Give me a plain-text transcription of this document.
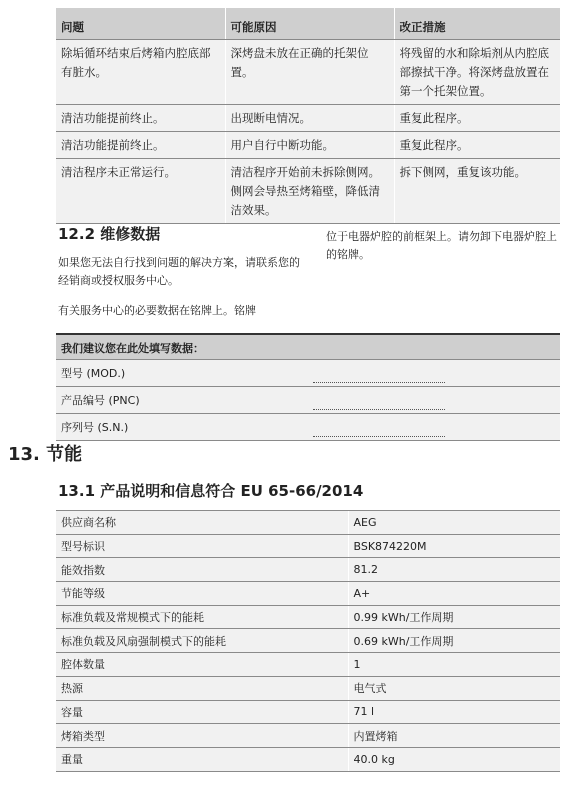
问题	可能原因	改正措施
除垢循环结束后烤箱内腔底部有脏水。	深烤盘未放在正确的托架位置。	将残留的水和除垢剂从内腔底部擦拭干净。将深烤盘放置在第一个托架位置。
清洁功能提前终止。	出现断电情况。	重复此程序。
清洁功能提前终止。	用户自行中断功能。	重复此程序。
清洁程序未正常运行。	清洁程序开始前未拆除侧网。侧网会导热至烤箱壁，降低清洁效果。	拆下侧网，重复该功能。
12.2 维修数据

如果您无法自行找到问题的解决方案，请联系您的经销商或授权服务中心。

有关服务中心的必要数据在铭牌上。铭牌

位于电器炉腔的前框架上。请勿卸下电器炉腔上的铭牌。

我们建议您在此处填写数据：	
型号 (MOD.)	
产品编号 (PNC)	
序列号 (S.N.)	
13. 节能
13.1 产品说明和信息符合 EU 65-66/2014
供应商名称	AEG
型号标识	BSK874220M
能效指数	81.2
节能等级	A+
标准负载及常规模式下的能耗	0.99 kWh/工作周期
标准负载及风扇强制模式下的能耗	0.69 kWh/工作周期
腔体数量	1
热源	电气式
容量	71 l
烤箱类型	内置烤箱
重量	40.0 kg
